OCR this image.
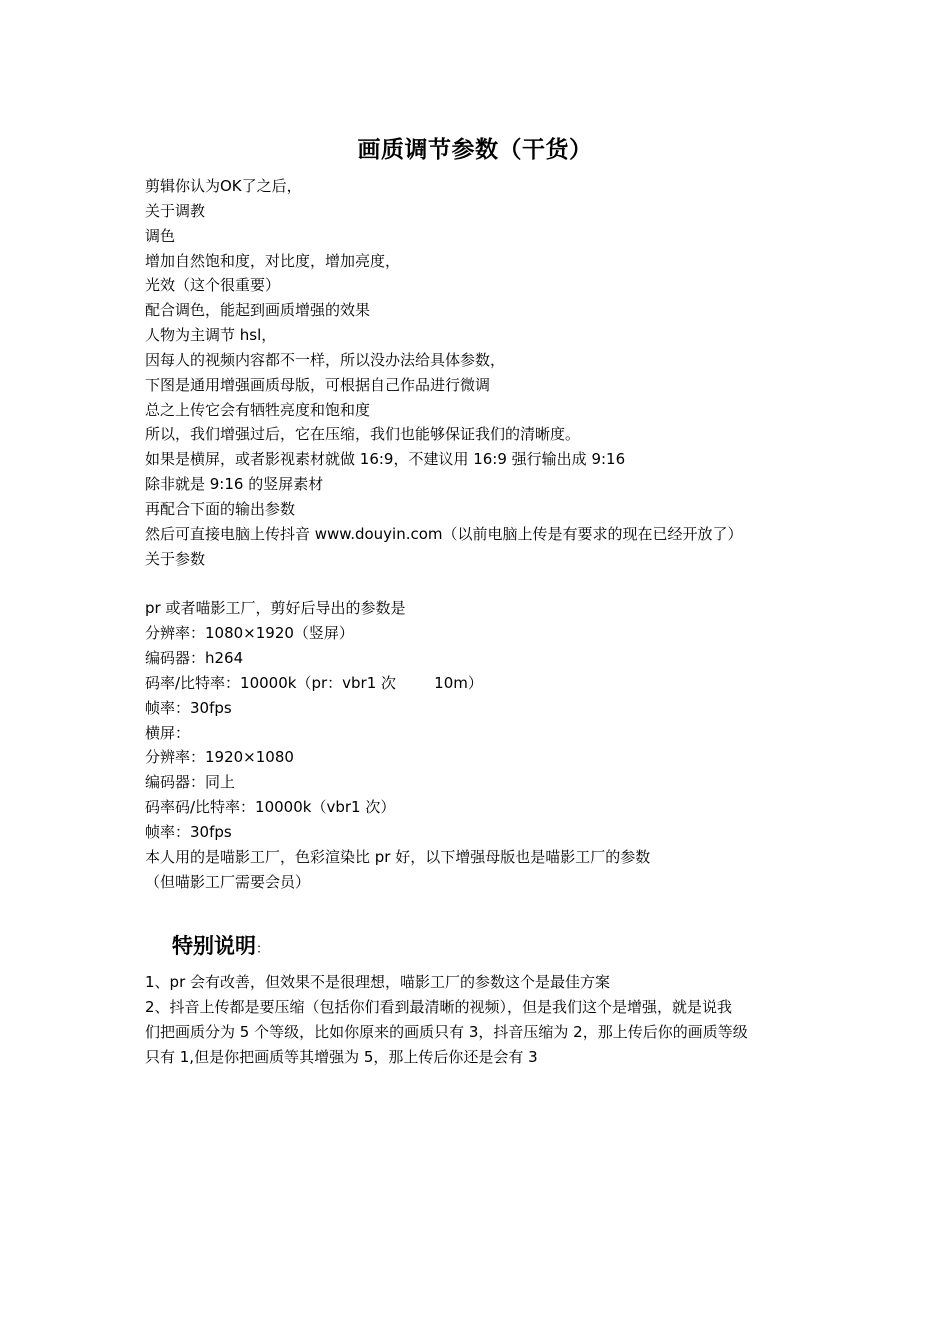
画质调节参数（干货）
剪辑你认为OK了之后，
关于调教
调色
增加自然饱和度，对比度，增加亮度，
光效（这个很重要）
配合调色，能起到画质增强的效果
人物为主调节 hsl，
因每人的视频内容都不一样，所以没办法给具体参数，
下图是通用增强画质母版，可根据自己作品进行微调
总之上传它会有牺牲亮度和饱和度
所以，我们增强过后，它在压缩，我们也能够保证我们的清晰度。
如果是横屏，或者影视素材就做 16:9，不建议用 16:9 强行输出成 9:16
除非就是 9:16 的竖屏素材
再配合下面的输出参数
然后可直接电脑上传抖音 www.douyin.com（以前电脑上传是有要求的现在已经开放了）
关于参数
pr 或者喵影工厂，剪好后导出的参数是
分辨率：1080×1920（竖屏）
编码器：h264
码率/比特率：10000k（pr：vbr1 次        10m）
帧率：30fps
横屏：
分辨率：1920×1080
编码器：同上
码率码/比特率：10000k（vbr1 次）
帧率：30fps
本人用的是喵影工厂，色彩渲染比 pr 好，以下增强母版也是喵影工厂的参数
（但喵影工厂需要会员）
特别说明：
1、pr 会有改善，但效果不是很理想，喵影工厂的参数这个是最佳方案
2、抖音上传都是要压缩（包括你们看到最清晰的视频），但是我们这个是增强，就是说我
们把画质分为 5 个等级，比如你原来的画质只有 3，抖音压缩为 2，那上传后你的画质等级
只有 1,但是你把画质等其增强为 5，那上传后你还是会有 3
